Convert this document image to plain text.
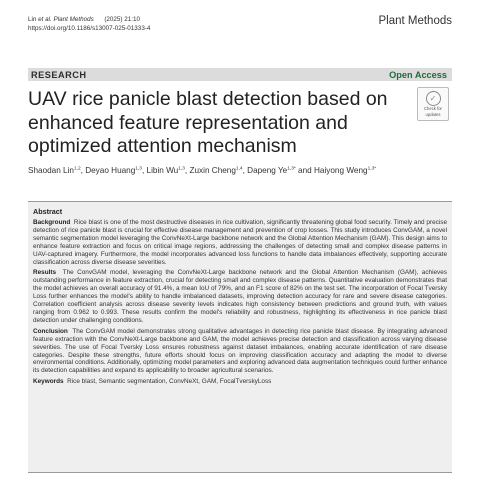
Lin et al. Plant Methods (2025) 21:10
https://doi.org/10.1186/s13007-025-01333-4
Plant Methods
RESEARCH	Open Access
UAV rice panicle blast detection based on enhanced feature representation and optimized attention mechanism
✓
Check for
updates
Shaodan Lin$^{1,2}$, Deyao Huang$^{1,3}$, Libin Wu$^{1,3}$, Zuxin Cheng$^{1,4}$, Dapeng $Ye^{1,3*}$ and Haiyong Weng$^{1,3*}$
Abstract
Background Rice blast is one of the most destructive diseases in rice cultivation, significantly threatening global food security. Timely and precise detection of rice panicle blast is crucial for effective disease management and prevention of crop losses. This study introduces ConvGAM, a novel semantic segmentation model leveraging the ConvNeXt-Large backbone network and the Global Attention Mechanism (GAM). This design aims to enhance feature extraction and focus on critical image regions, addressing the challenges of detecting small and complex disease patterns in UAV-captured imagery. Furthermore, the model incorporates advanced loss functions to handle data imbalances effectively, supporting accurate classification across diverse disease severities.
Results The ConvGAM model, leveraging the ConvNeXt-Large backbone network and the Global Attention Mechanism (GAM), achieves outstanding performance in feature extraction, crucial for detecting small and complex disease patterns. Quantitative evaluation demonstrates that the model achieves an overall accuracy of 91.4%, a mean IoU of 79%, and an F1 score of 82% on the test set. The incorporation of Focal Tversky Loss further enhances the model's ability to handle imbalanced datasets, improving detection accuracy for rare and severe disease categories. Correlation coefficient analysis across disease severity levels indicates high consistency between predictions and ground truth, with values ranging from 0.962 to 0.993. These results confirm the model's reliability and robustness, highlighting its effectiveness in rice panicle blast detection under challenging conditions.
Conclusion The ConvGAM model demonstrates strong qualitative advantages in detecting rice panicle blast disease. By integrating advanced feature extraction with the ConvNeXt-Large backbone and GAM, the model achieves precise detection and classification across varying disease severities. The use of Focal Tversky Loss ensures robustness against dataset imbalances, enabling accurate identification of rare disease categories. Despite these strengths, future efforts should focus on improving classification accuracy and adapting the model to diverse environmental conditions. Additionally, optimizing model parameters and exploring advanced data augmentation techniques could further enhance its detection capabilities and expand its applicability to broader agricultural scenarios.
Keywords Rice blast, Semantic segmentation, ConvNeXt, GAM, FocalTverskyLoss
